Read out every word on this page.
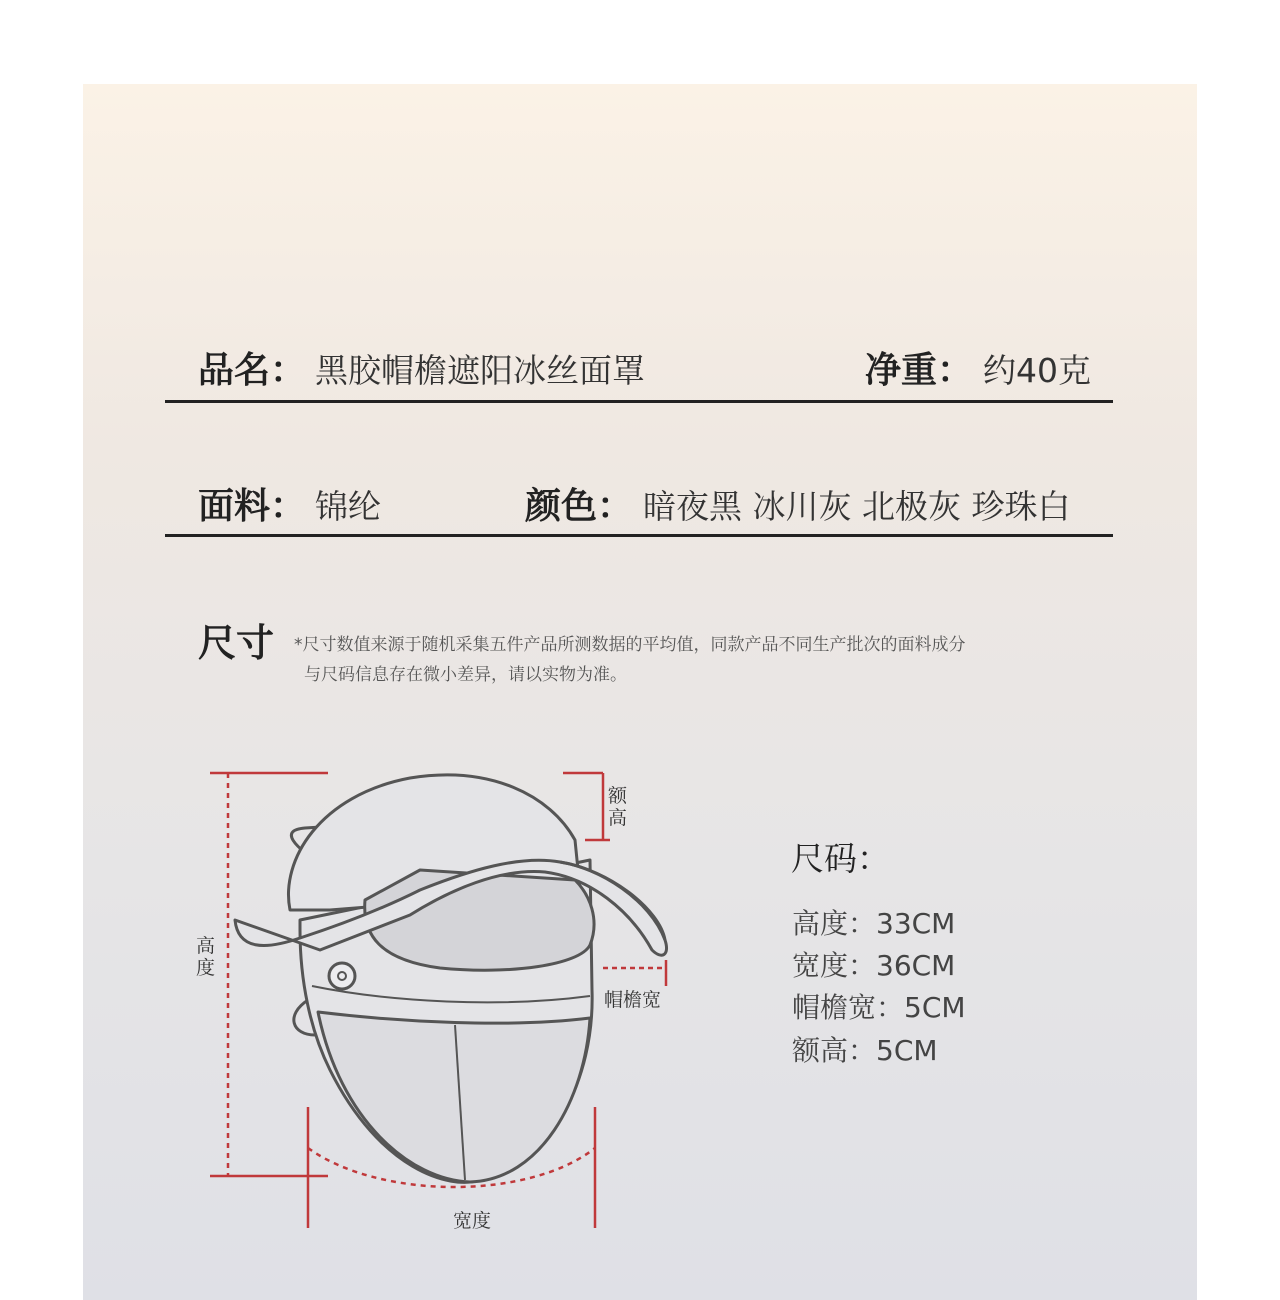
品名： 黑胶帽檐遮阳冰丝面罩	净重： 约40克
面料： 锦纶	颜色： 暗夜黑 冰川灰 北极灰 珍珠白
尺寸 *尺寸数值来源于随机采集五件产品所测数据的平均值，同款产品不同生产批次的面料成分
与尺码信息存在微小差异，请以实物为准。
高度
额高
帽檐宽
宽度
尺码：
高度：33CM
宽度：36CM
帽檐宽：5CM
额高：5CM
